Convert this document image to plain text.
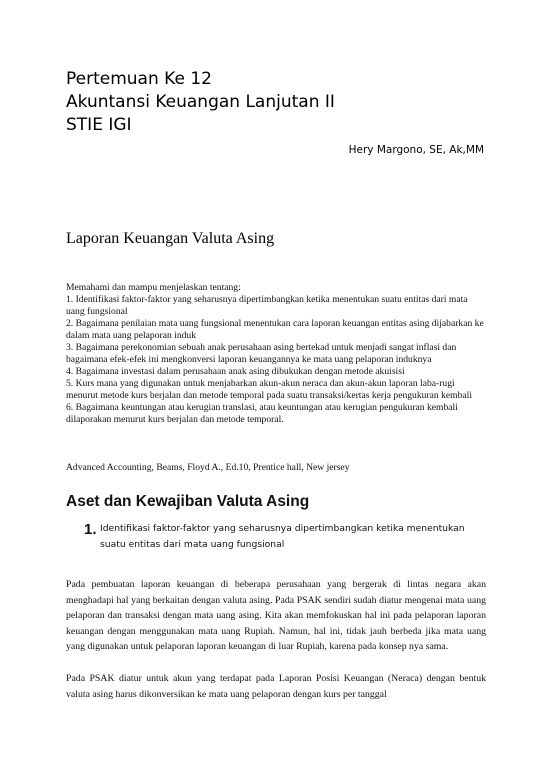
Pertemuan Ke 12
Akuntansi Keuangan Lanjutan II
STIE IGI
Hery Margono, SE, Ak,MM
Laporan Keuangan Valuta Asing

Memahami dan mampu menjelaskan tentang:

1. Identifikasi faktor-faktor yang seharusnya dipertimbangkan ketika menentukan suatu entitas dari mata uang fungsional

2. Bagaimana penilaian mata uang fungsional menentukan cara laporan keuangan entitas asing dijabarkan ke dalam mata uang pelaporan induk

3. Bagaimana perekonomian sebuah anak perusahaan asing bertekad untuk menjadi sangat inflasi dan bagaimana efek-efek ini mengkonversi laporan keuangannya ke mata uang pelaporan induknya

4. Bagaimana investasi dalam perusahaan anak asing dibukukan dengan metode akuisisi

5. Kurs mana yang digunakan untuk menjabarkan akun-akun neraca dan akun-akun laporan laba-rugi menurut metode kurs berjalan dan metode temporal pada suatu transaksi/kertas kerja pengukuran kembali

6. Bagaimana keuntungan atau kerugian translasi, atau keuntungan atau kerugian pengukuran kembali dilaporakan menurut kurs berjalan dan metode temporal.

Advanced Accounting, Beams, Floyd A., Ed.10, Prentice hall, New jersey
Aset dan Kewajiban Valuta Asing
1. Identifikasi faktor-faktor yang seharusnya dipertimbangkan ketika menentukan suatu entitas dari mata uang fungsional

Pada pembuatan laporan keuangan di beberapa perusahaan yang bergerak di lintas negara akan menghadapi hal yang berkaitan dengan valuta asing. Pada PSAK sendiri sudah diatur mengenai mata uang pelaporan dan transaksi dengan mata uang asing. Kita akan memfokuskan hal ini pada pelaporan laporan keuangan dengan menggunakan mata uang Rupiah. Namun, hal ini, tidak jauh berbeda jika mata uang yang digunakan untuk pelaporan laporan keuangan di luar Rupiah, karena pada konsep nya sama.

Pada PSAK diatur untuk akun yang terdapat pada Laporan Posisi Keuangan (Neraca) dengan bentuk valuta asing harus dikonversikan ke mata uang pelaporan dengan kurs per tanggal
